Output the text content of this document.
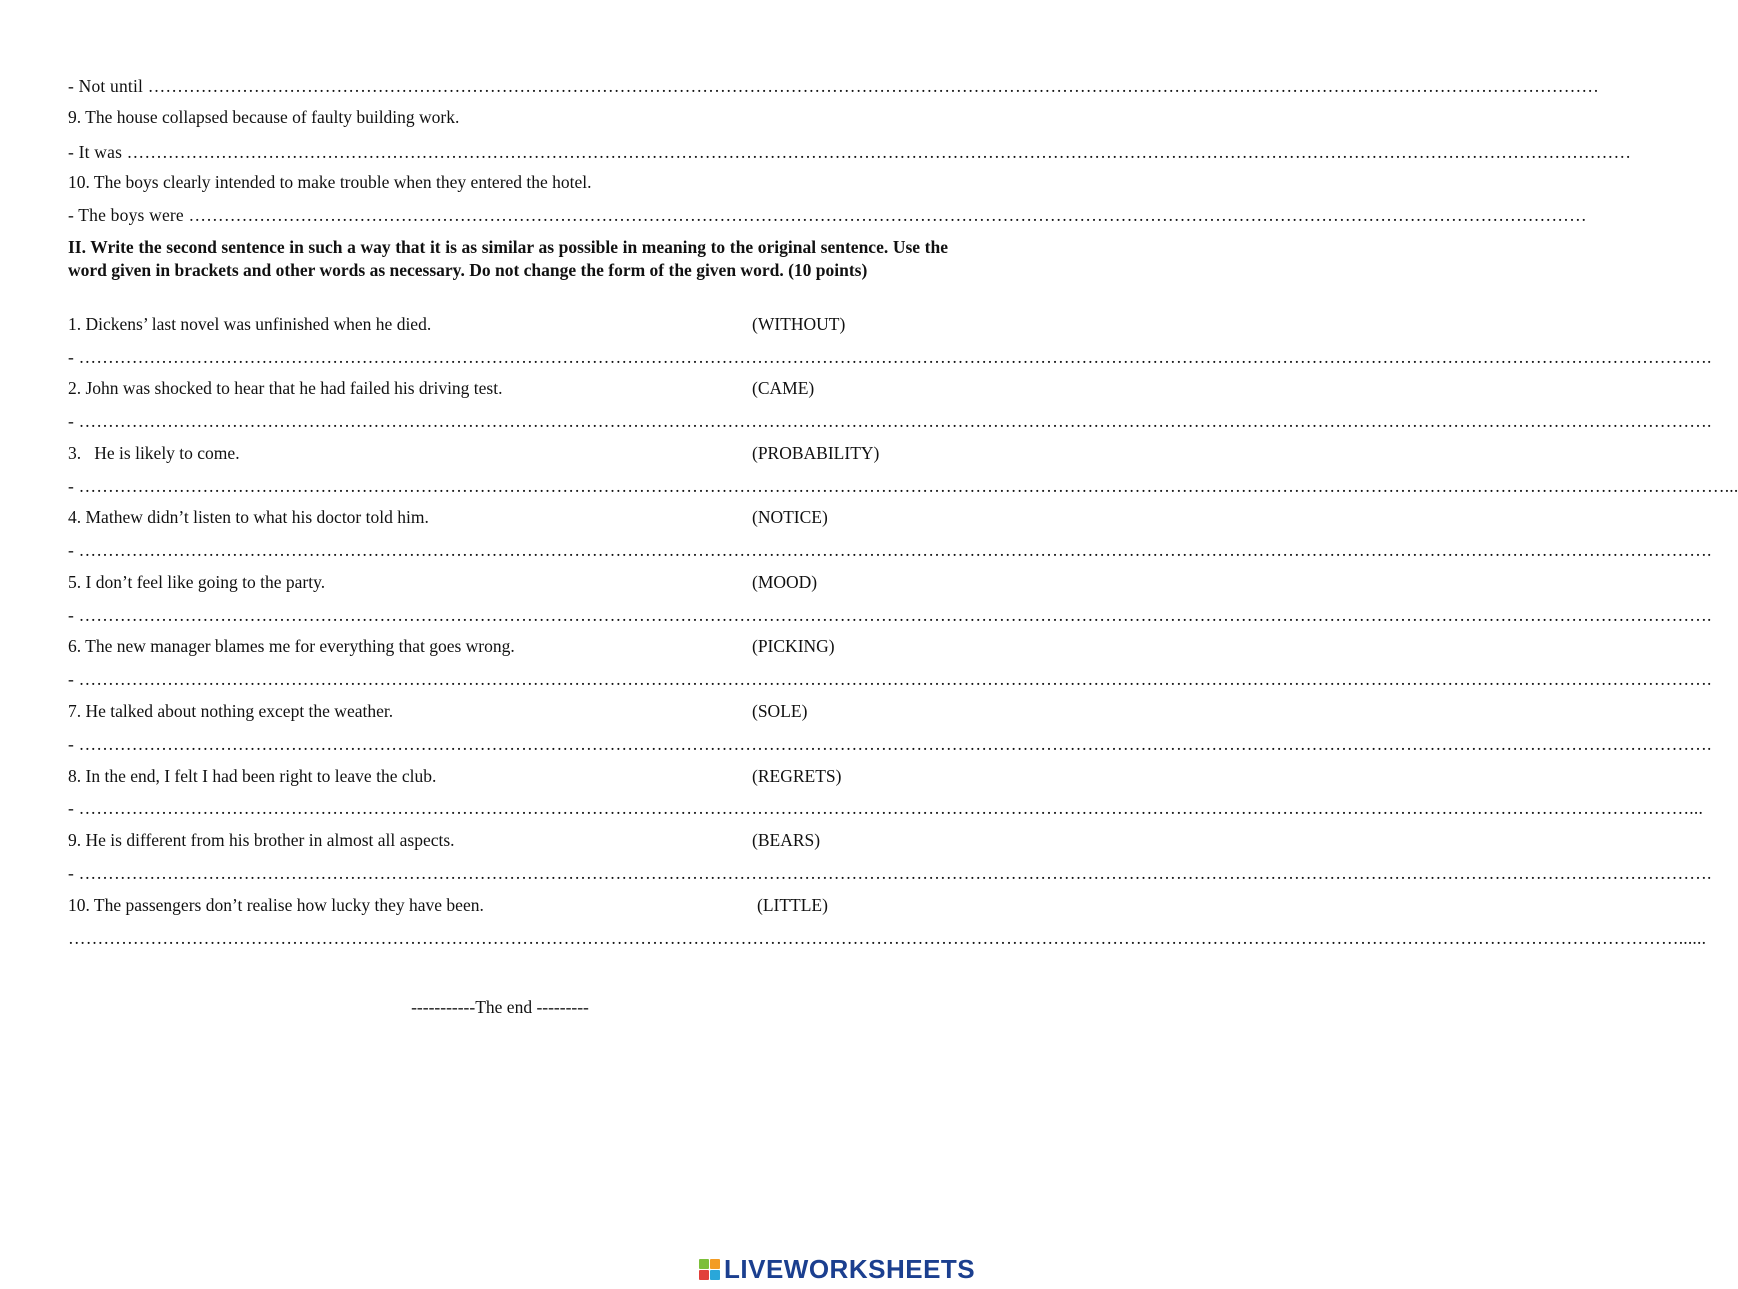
- Not until …………………………………………………………………………………………………………………………………………………………………………………………………………………………
9. The house collapsed because of faulty building work.
- It was …………………………………………………………………………………………………………………………………………………………………………………………………………………………………
10. The boys clearly intended to make trouble when they entered the hotel.
- The boys were …………………………………………………………………………………………………………………………………………………………………………………………………………………
II. Write the second sentence in such a way that it is as similar as possible in meaning to the original sentence. Use the word given in brackets and other words as necessary. Do not change the form of the given word. (10 points)
1. Dickens’ last novel was unfinished when he died.	(WITHOUT)
- …………………………………………………………………………………………………………………………………………………………………………………………………………………………………………………….
2. John was shocked to hear that he had failed his driving test.	(CAME)
- …………………………………………………………………………………………………………………………………………………………………………………………………………………………………………………….
3.   He is likely to come.	(PROBABILITY)
- ………………………………………………………………………………………………………………………………………………………………………………………………………………………………………………………...
4. Mathew didn’t listen to what his doctor told him.	(NOTICE)
- …………………………………………………………………………………………………………………………………………………………………………………………………………………………………………………….
5. I don’t feel like going to the party.	(MOOD)
- …………………………………………………………………………………………………………………………………………………………………………………………………………………………………………………….
6. The new manager blames me for everything that goes wrong.	(PICKING)
- …………………………………………………………………………………………………………………………………………………………………………………………………………………………………………………….
7. He talked about nothing except the weather.	(SOLE)
- …………………………………………………………………………………………………………………………………………………………………………………………………………………………………………………….
8. In the end, I felt I had been right to leave the club.	(REGRETS)
- …………………………………………………………………………………………………………………………………………………………………………………………………………………………………………………...
9. He is different from his brother in almost all aspects.	(BEARS)
- …………………………………………………………………………………………………………………………………………………………………………………………………………………………………………………….
10. The passengers don’t realise how lucky they have been.	(LITTLE)
…………………………………………………………………………………………………………………………………………………………………………………………………………………………………………………......
-----------The end ---------
LIVEWORKSHEETS
